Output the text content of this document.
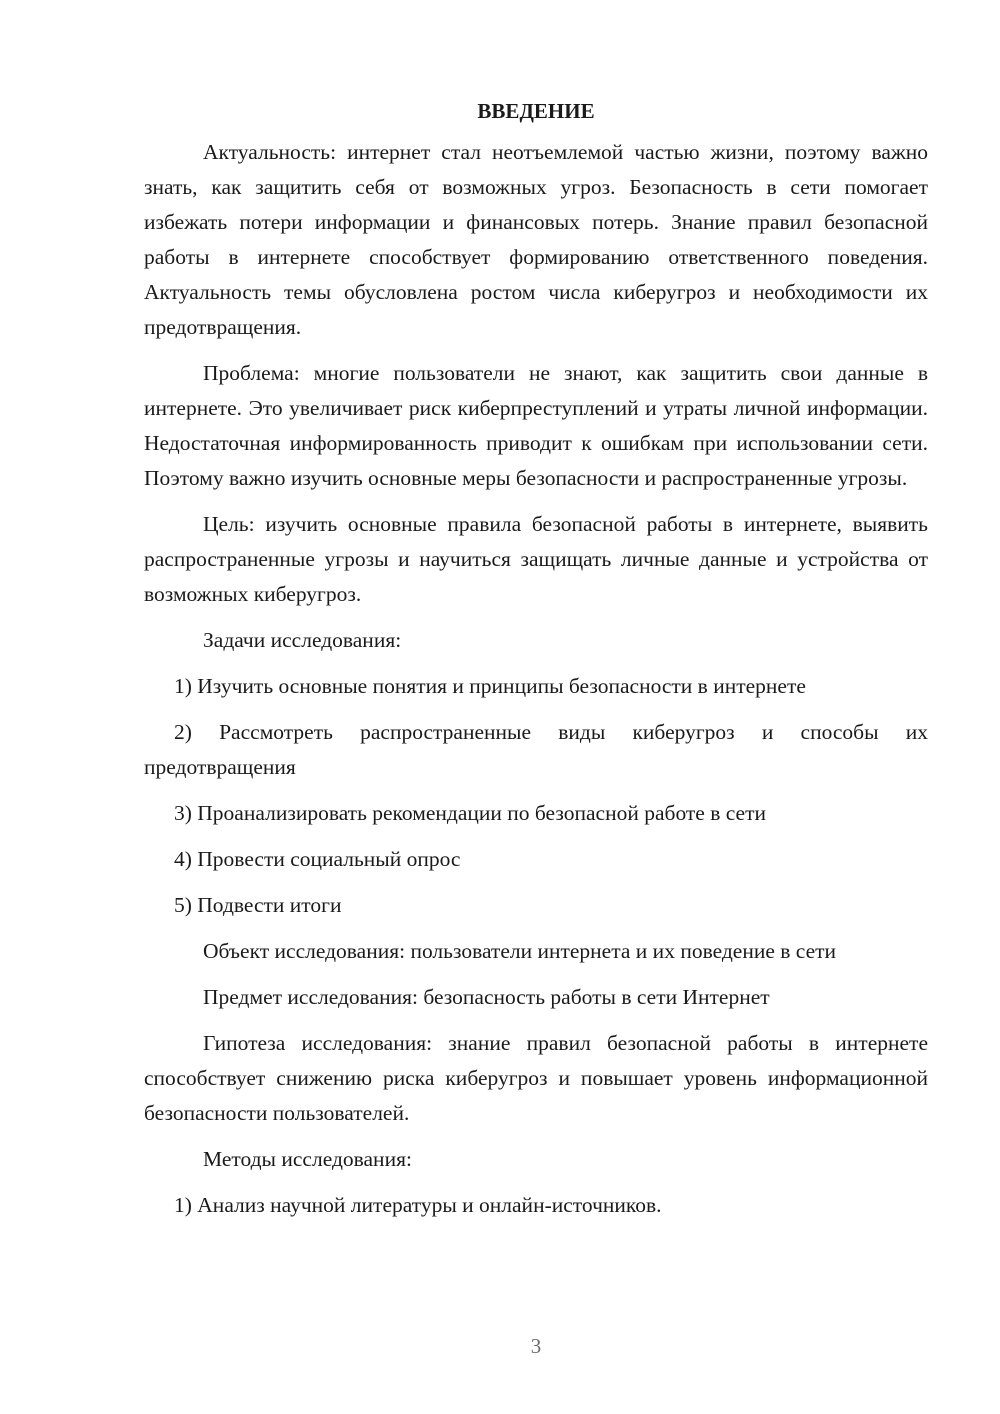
ВВЕДЕНИЕ

Актуальность: интернет стал неотъемлемой частью жизни, поэтому важно знать, как защитить себя от возможных угроз. Безопасность в сети помогает избежать потери информации и финансовых потерь. Знание правил безопасной работы в интернете способствует формированию ответственного поведения. Актуальность темы обусловлена ростом числа киберугроз и необходимости их предотвращения.

Проблема: многие пользователи не знают, как защитить свои данные в интернете. Это увеличивает риск киберпреступлений и утраты личной информации. Недостаточная информированность приводит к ошибкам при использовании сети. Поэтому важно изучить основные меры безопасности и распространенные угрозы.

Цель: изучить основные правила безопасной работы в интернете, выявить распространенные угрозы и научиться защищать личные данные и устройства от возможных киберугроз.

Задачи исследования:

1) Изучить основные понятия и принципы безопасности в интернете

2) Рассмотреть распространенные виды киберугроз и способы их предотвращения

3) Проанализировать рекомендации по безопасной работе в сети

4) Провести социальный опрос

5) Подвести итоги

Объект исследования: пользователи интернета и их поведение в сети

Предмет исследования: безопасность работы в сети Интернет

Гипотеза исследования: знание правил безопасной работы в интернете способствует снижению риска киберугроз и повышает уровень информационной безопасности пользователей.

Методы исследования:

1) Анализ научной литературы и онлайн-источников.

3
